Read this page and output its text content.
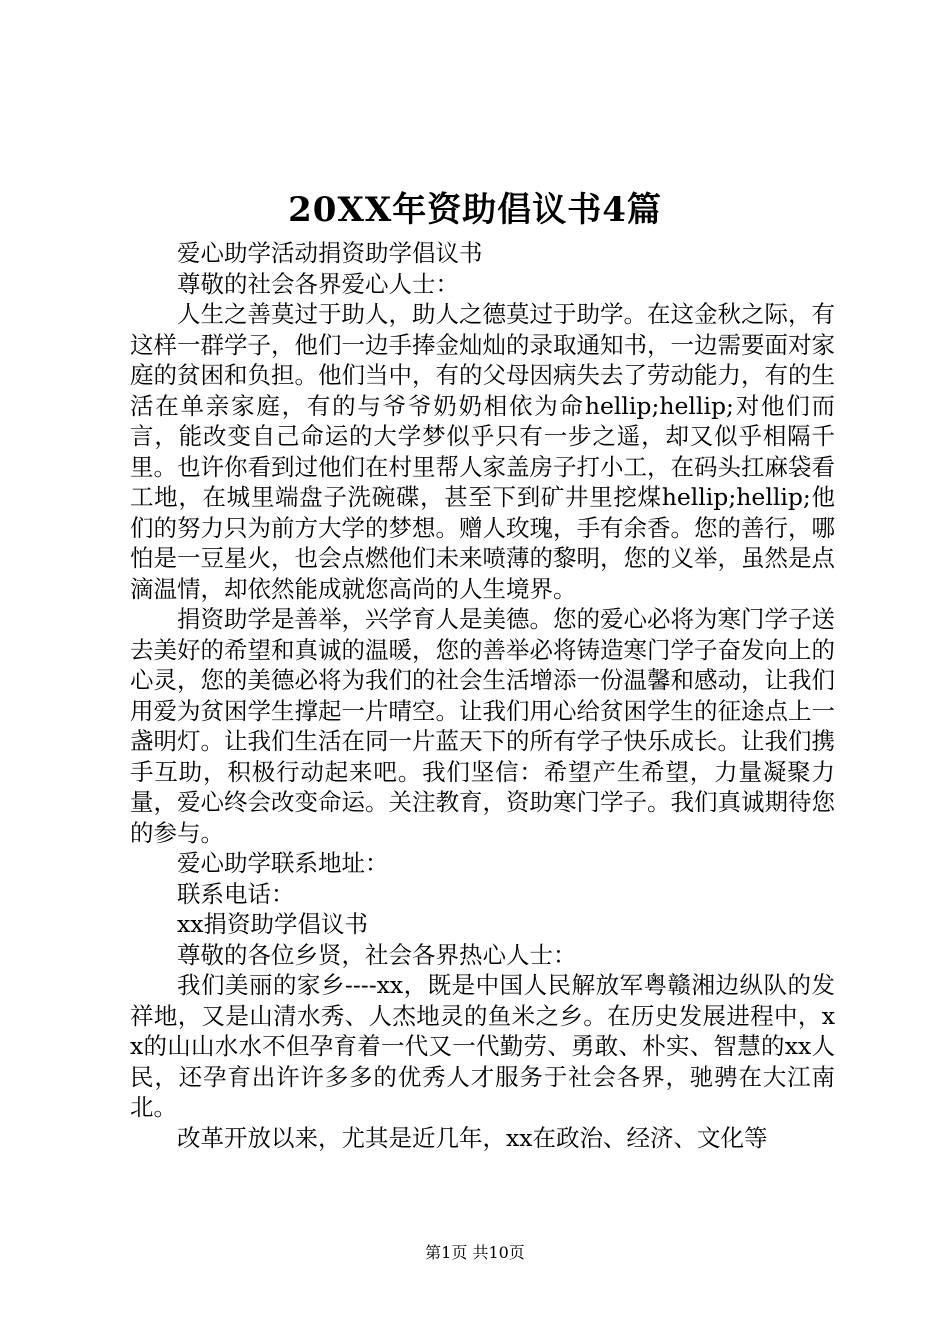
20XX年资助倡议书4篇

爱心助学活动捐资助学倡议书

尊敬的社会各界爱心人士：

人生之善莫过于助人，助人之德莫过于助学。在这金秋之际，有这样一群学子，他们一边手捧金灿灿的录取通知书，一边需要面对家庭的贫困和负担。他们当中，有的父母因病失去了劳动能力，有的生活在单亲家庭，有的与爷爷奶奶相依为命hellip;hellip;对他们而言，能改变自己命运的大学梦似乎只有一步之遥，却又似乎相隔千里。也许你看到过他们在村里帮人家盖房子打小工，在码头扛麻袋看工地，在城里端盘子洗碗碟，甚至下到矿井里挖煤hellip;hellip;他们的努力只为前方大学的梦想。赠人玫瑰，手有余香。您的善行，哪怕是一豆星火，也会点燃他们未来喷薄的黎明，您的义举，虽然是点滴温情，却依然能成就您高尚的人生境界。

捐资助学是善举，兴学育人是美德。您的爱心必将为寒门学子送去美好的希望和真诚的温暖，您的善举必将铸造寒门学子奋发向上的心灵，您的美德必将为我们的社会生活增添一份温馨和感动，让我们用爱为贫困学生撑起一片晴空。让我们用心给贫困学生的征途点上一盏明灯。让我们生活在同一片蓝天下的所有学子快乐成长。让我们携手互助，积极行动起来吧。我们坚信：希望产生希望，力量凝聚力量，爱心终会改变命运。关注教育，资助寒门学子。我们真诚期待您的参与。

爱心助学联系地址：

联系电话：

xx捐资助学倡议书

尊敬的各位乡贤，社会各界热心人士：

我们美丽的家乡----xx，既是中国人民解放军粤赣湘边纵队的发祥地，又是山清水秀、人杰地灵的鱼米之乡。在历史发展进程中，xx的山山水水不但孕育着一代又一代勤劳、勇敢、朴实、智慧的xx人民，还孕育出许许多多的优秀人才服务于社会各界，驰骋在大江南北。

改革开放以来，尤其是近几年，xx在政治、经济、文化等

第1页 共10页
